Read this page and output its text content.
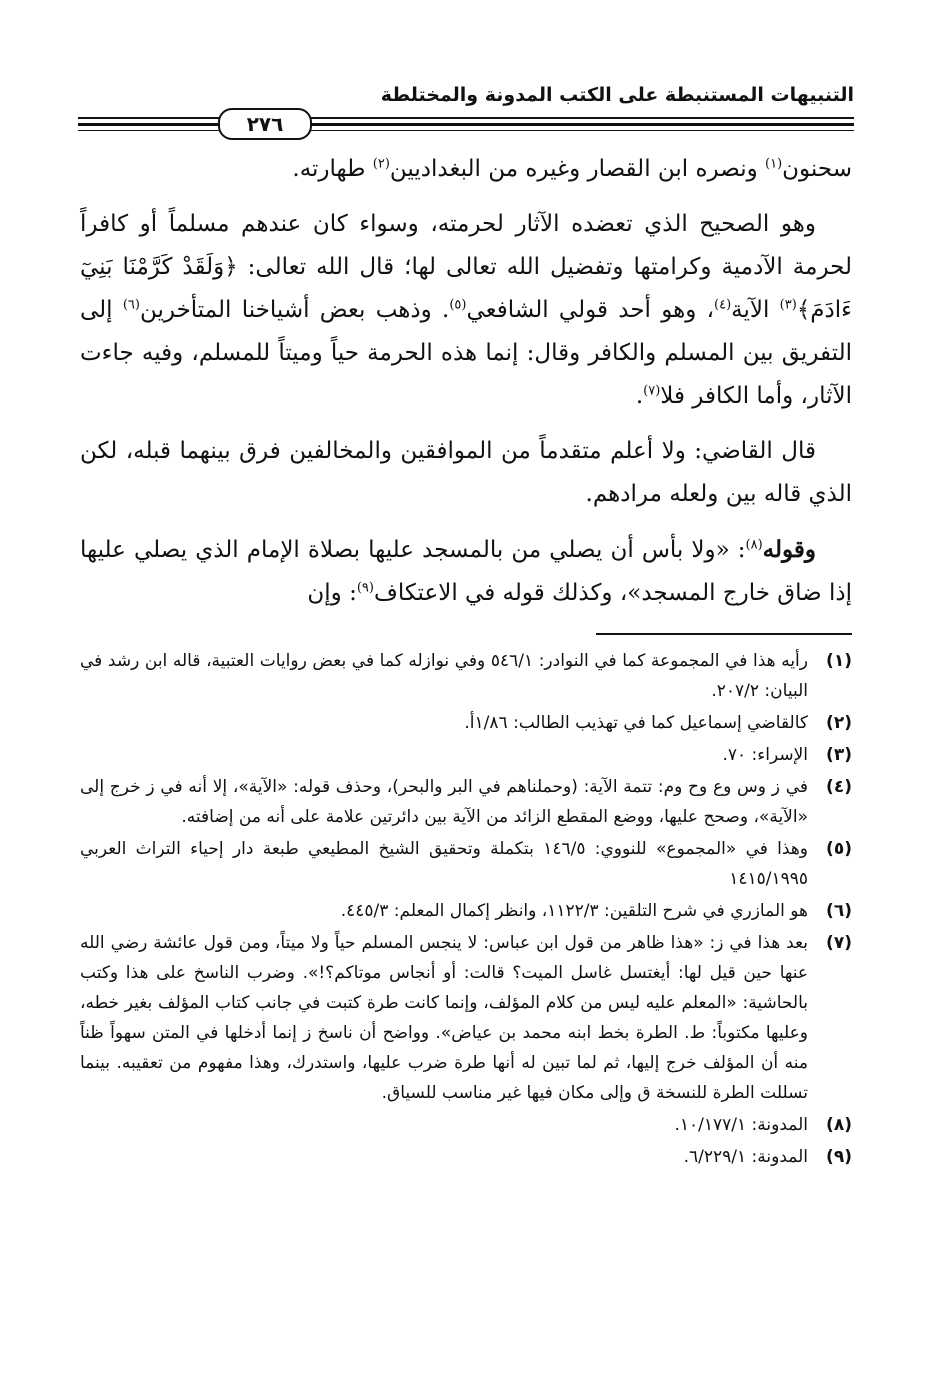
التنبيهات المستنبطة على الكتب المدونة والمختلطة
٢٧٦

سحنون$^{(١)}$ ونصره ابن القصار وغيره من البغداديين$^{(٢)}$ طهارته.

وهو الصحيح الذي تعضده الآثار لحرمته، وسواء كان عندهم مسلماً أو كافراً لحرمة الآدمية وكرامتها وتفضيل الله تعالى لها؛ قال الله تعالى: ﴿وَلَقَدْ كَرَّمْنَا بَنِيٓ ءَادَمَ﴾$^{(٣)}$ الآية$^{(٤)}$، وهو أحد قولي الشافعي$^{(٥)}$. وذهب بعض أشياخنا المتأخرين$^{(٦)}$ إلى التفريق بين المسلم والكافر وقال: إنما هذه الحرمة حياً وميتاً للمسلم، وفيه جاءت الآثار، وأما الكافر فلا$^{(٧)}$.

قال القاضي: ولا أعلم متقدماً من الموافقين والمخالفين فرق بينهما قبله، لكن الذي قاله بين ولعله مرادهم.

وقوله$^{(٨)}$: «ولا بأس أن يصلي من بالمسجد عليها بصلاة الإمام الذي يصلي عليها إذا ضاق خارج المسجد»، وكذلك قوله في الاعتكاف$^{(٩)}$: وإن

(١)
رأيه هذا في المجموعة كما في النوادر: ٥٤٦/١ وفي نوازله كما في بعض روايات العتبية، قاله ابن رشد في البيان: ٢٠٧/٢.
(٢)
كالقاضي إسماعيل كما في تهذيب الطالب: ١/٨٦أ.
(٣)
الإسراء: ٧٠.
(٤)
في ز وس وع وح وم: تتمة الآية: (وحملناهم في البر والبحر)، وحذف قوله: «الآية»، إلا أنه في ز خرج إلى «الآية»، وصحح عليها، ووضع المقطع الزائد من الآية بين دائرتين علامة على أنه من إضافته.
(٥)
وهذا في «المجموع» للنووي: ١٤٦/٥ بتكملة وتحقيق الشيخ المطيعي طبعة دار إحياء التراث العربي ١٤١٥/١٩٩٥
(٦)
هو المازري في شرح التلقين: ١١٢٢/٣، وانظر إكمال المعلم: ٤٤٥/٣.
(٧)
بعد هذا في ز: «هذا ظاهر من قول ابن عباس: لا ينجس المسلم حياً ولا ميتاً، ومن قول عائشة رضي الله عنها حين قيل لها: أيغتسل غاسل الميت؟ قالت: أو أنجاس موتاكم؟!». وضرب الناسخ على هذا وكتب بالحاشية: «المعلم عليه ليس من كلام المؤلف، وإنما كانت طرة كتبت في جانب كتاب المؤلف بغير خطه، وعليها مكتوباً: ط. الطرة بخط ابنه محمد بن عياض». وواضح أن ناسخ ز إنما أدخلها في المتن سهواً ظناً منه أن المؤلف خرج إليها، ثم لما تبين له أنها طرة ضرب عليها، واستدرك، وهذا مفهوم من تعقيبه. بينما تسللت الطرة للنسخة ق وإلى مكان فيها غير مناسب للسياق.
(٨)
المدونة: ١٠/١٧٧/١.
(٩)
المدونة: ٦/٢٢٩/١.
